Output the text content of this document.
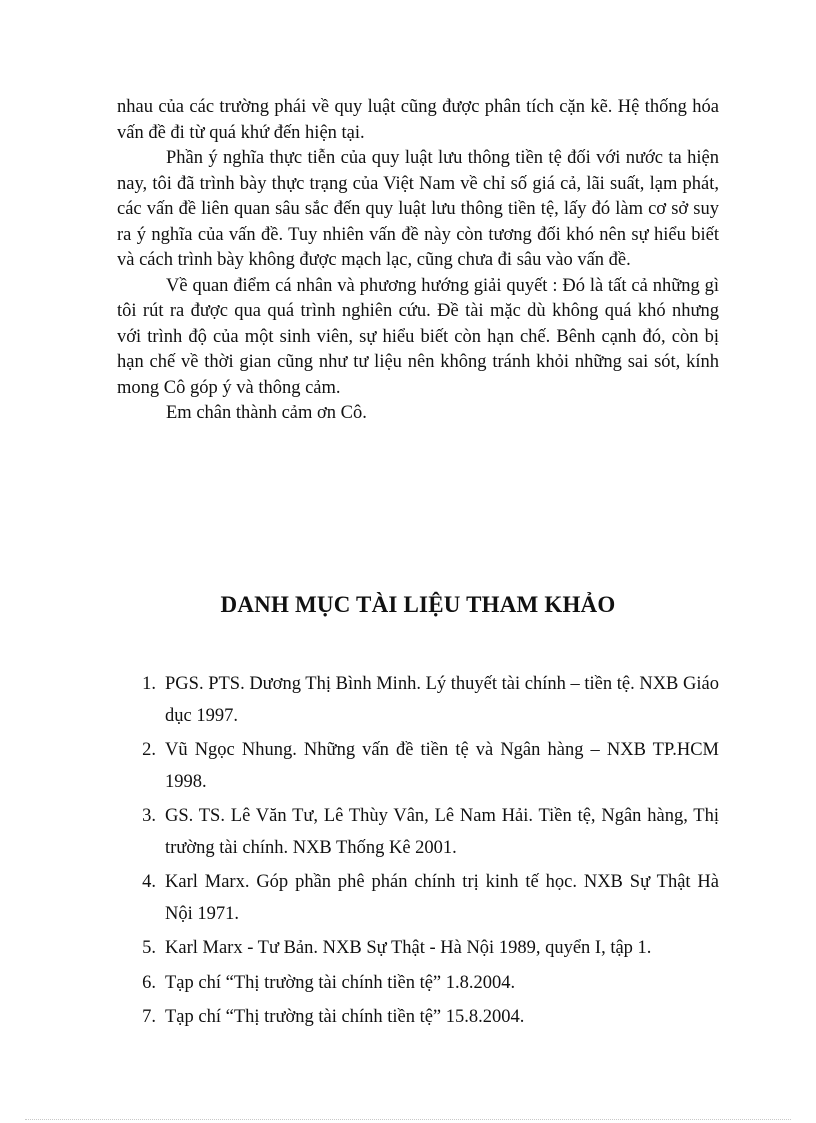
nhau của các trường phái về quy luật cũng được phân tích cặn kẽ. Hệ thống hóa vấn đề đi từ quá khứ đến hiện tại.

Phần ý nghĩa thực tiễn của quy luật lưu thông tiền tệ đối với nước ta hiện nay, tôi đã trình bày thực trạng của Việt Nam về chỉ số giá cả, lãi suất, lạm phát, các vấn đề liên quan sâu sắc đến quy luật lưu thông tiền tệ, lấy đó làm cơ sở suy ra ý nghĩa của vấn đề. Tuy nhiên vấn đề này còn tương đối khó nên sự hiểu biết và cách trình bày không được mạch lạc, cũng chưa đi sâu vào vấn đề.

Về quan điểm cá nhân và phương hướng giải quyết : Đó là tất cả những gì tôi rút ra được qua quá trình nghiên cứu. Đề tài mặc dù không quá khó nhưng với trình độ của một sinh viên, sự hiểu biết còn hạn chế. Bênh cạnh đó, còn bị hạn chế về thời gian cũng như tư liệu nên không tránh khỏi những sai sót, kính mong Cô góp ý và thông cảm.

Em chân thành cảm ơn Cô.

DANH MỤC TÀI LIỆU THAM KHẢO
1. PGS. PTS. Dương Thị Bình Minh. Lý thuyết tài chính – tiền tệ. NXB Giáo dục 1997.
2. Vũ Ngọc Nhung. Những vấn đề tiền tệ và Ngân hàng – NXB TP.HCM 1998.
3. GS. TS. Lê Văn Tư, Lê Thùy Vân, Lê Nam Hải. Tiền tệ, Ngân hàng, Thị trường tài chính. NXB Thống Kê 2001.
4. Karl Marx. Góp phần phê phán chính trị kinh tế học. NXB Sự Thật Hà Nội 1971.
5. Karl Marx - Tư Bản. NXB Sự Thật - Hà Nội 1989, quyển I, tập 1.
6. Tạp chí “Thị trường tài chính tiền tệ” 1.8.2004.
7. Tạp chí “Thị trường tài chính tiền tệ” 15.8.2004.
